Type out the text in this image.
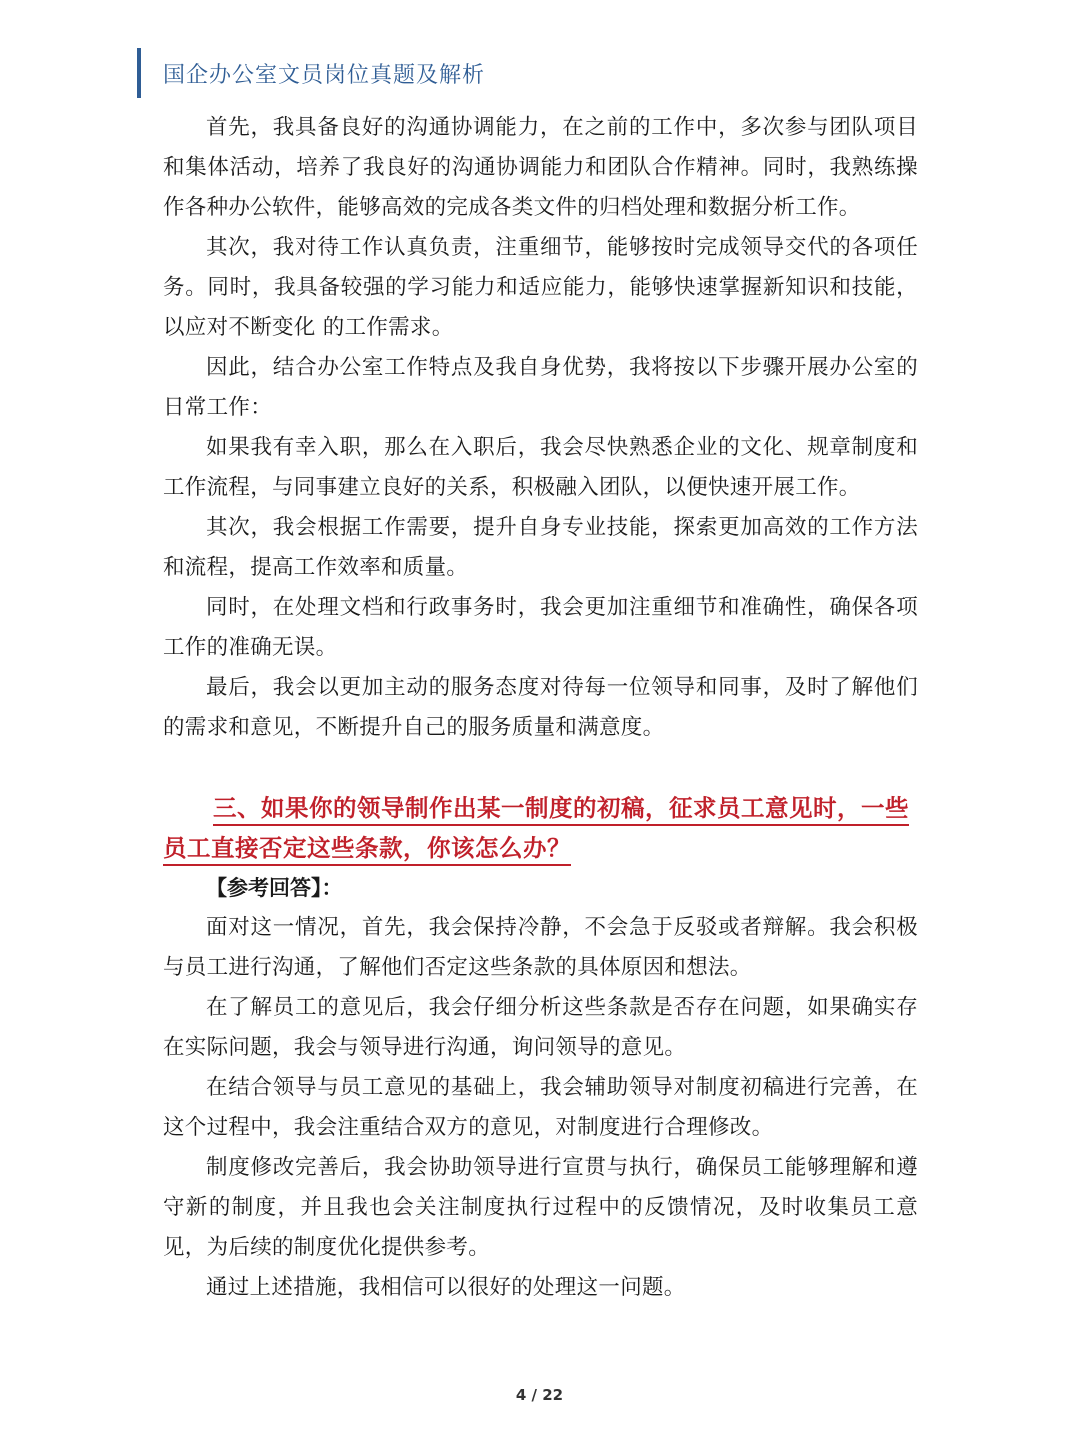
国企办公室文员岗位真题及解析

首先，我具备良好的沟通协调能力，在之前的工作中，多次参与团队项目和集体活动，培养了我良好的沟通协调能力和团队合作精神。同时，我熟练操作各种办公软件，能够高效的完成各类文件的归档处理和数据分析工作。

其次，我对待工作认真负责，注重细节，能够按时完成领导交代的各项任务。同时，我具备较强的学习能力和适应能力，能够快速掌握新知识和技能，以应对不断变化 的工作需求。

因此，结合办公室工作特点及我自身优势，我将按以下步骤开展办公室的日常工作：

如果我有幸入职，那么在入职后，我会尽快熟悉企业的文化、规章制度和工作流程，与同事建立良好的关系，积极融入团队，以便快速开展工作。

其次，我会根据工作需要，提升自身专业技能，探索更加高效的工作方法和流程，提高工作效率和质量。

同时，在处理文档和行政事务时，我会更加注重细节和准确性，确保各项工作的准确无误。

最后，我会以更加主动的服务态度对待每一位领导和同事，及时了解他们的需求和意见，不断提升自己的服务质量和满意度。

三、如果你的领导制作出某一制度的初稿，征求员工意见时，一些员工直接否定这些条款，你该怎么办？

【参考回答】：

面对这一情况，首先，我会保持冷静，不会急于反驳或者辩解。我会积极与员工进行沟通，了解他们否定这些条款的具体原因和想法。

在了解员工的意见后，我会仔细分析这些条款是否存在问题，如果确实存在实际问题，我会与领导进行沟通，询问领导的意见。

在结合领导与员工意见的基础上，我会辅助领导对制度初稿进行完善，在这个过程中，我会注重结合双方的意见，对制度进行合理修改。

制度修改完善后，我会协助领导进行宣贯与执行，确保员工能够理解和遵守新的制度，并且我也会关注制度执行过程中的反馈情况，及时收集员工意见，为后续的制度优化提供参考。

通过上述措施，我相信可以很好的处理这一问题。

4 / 22
